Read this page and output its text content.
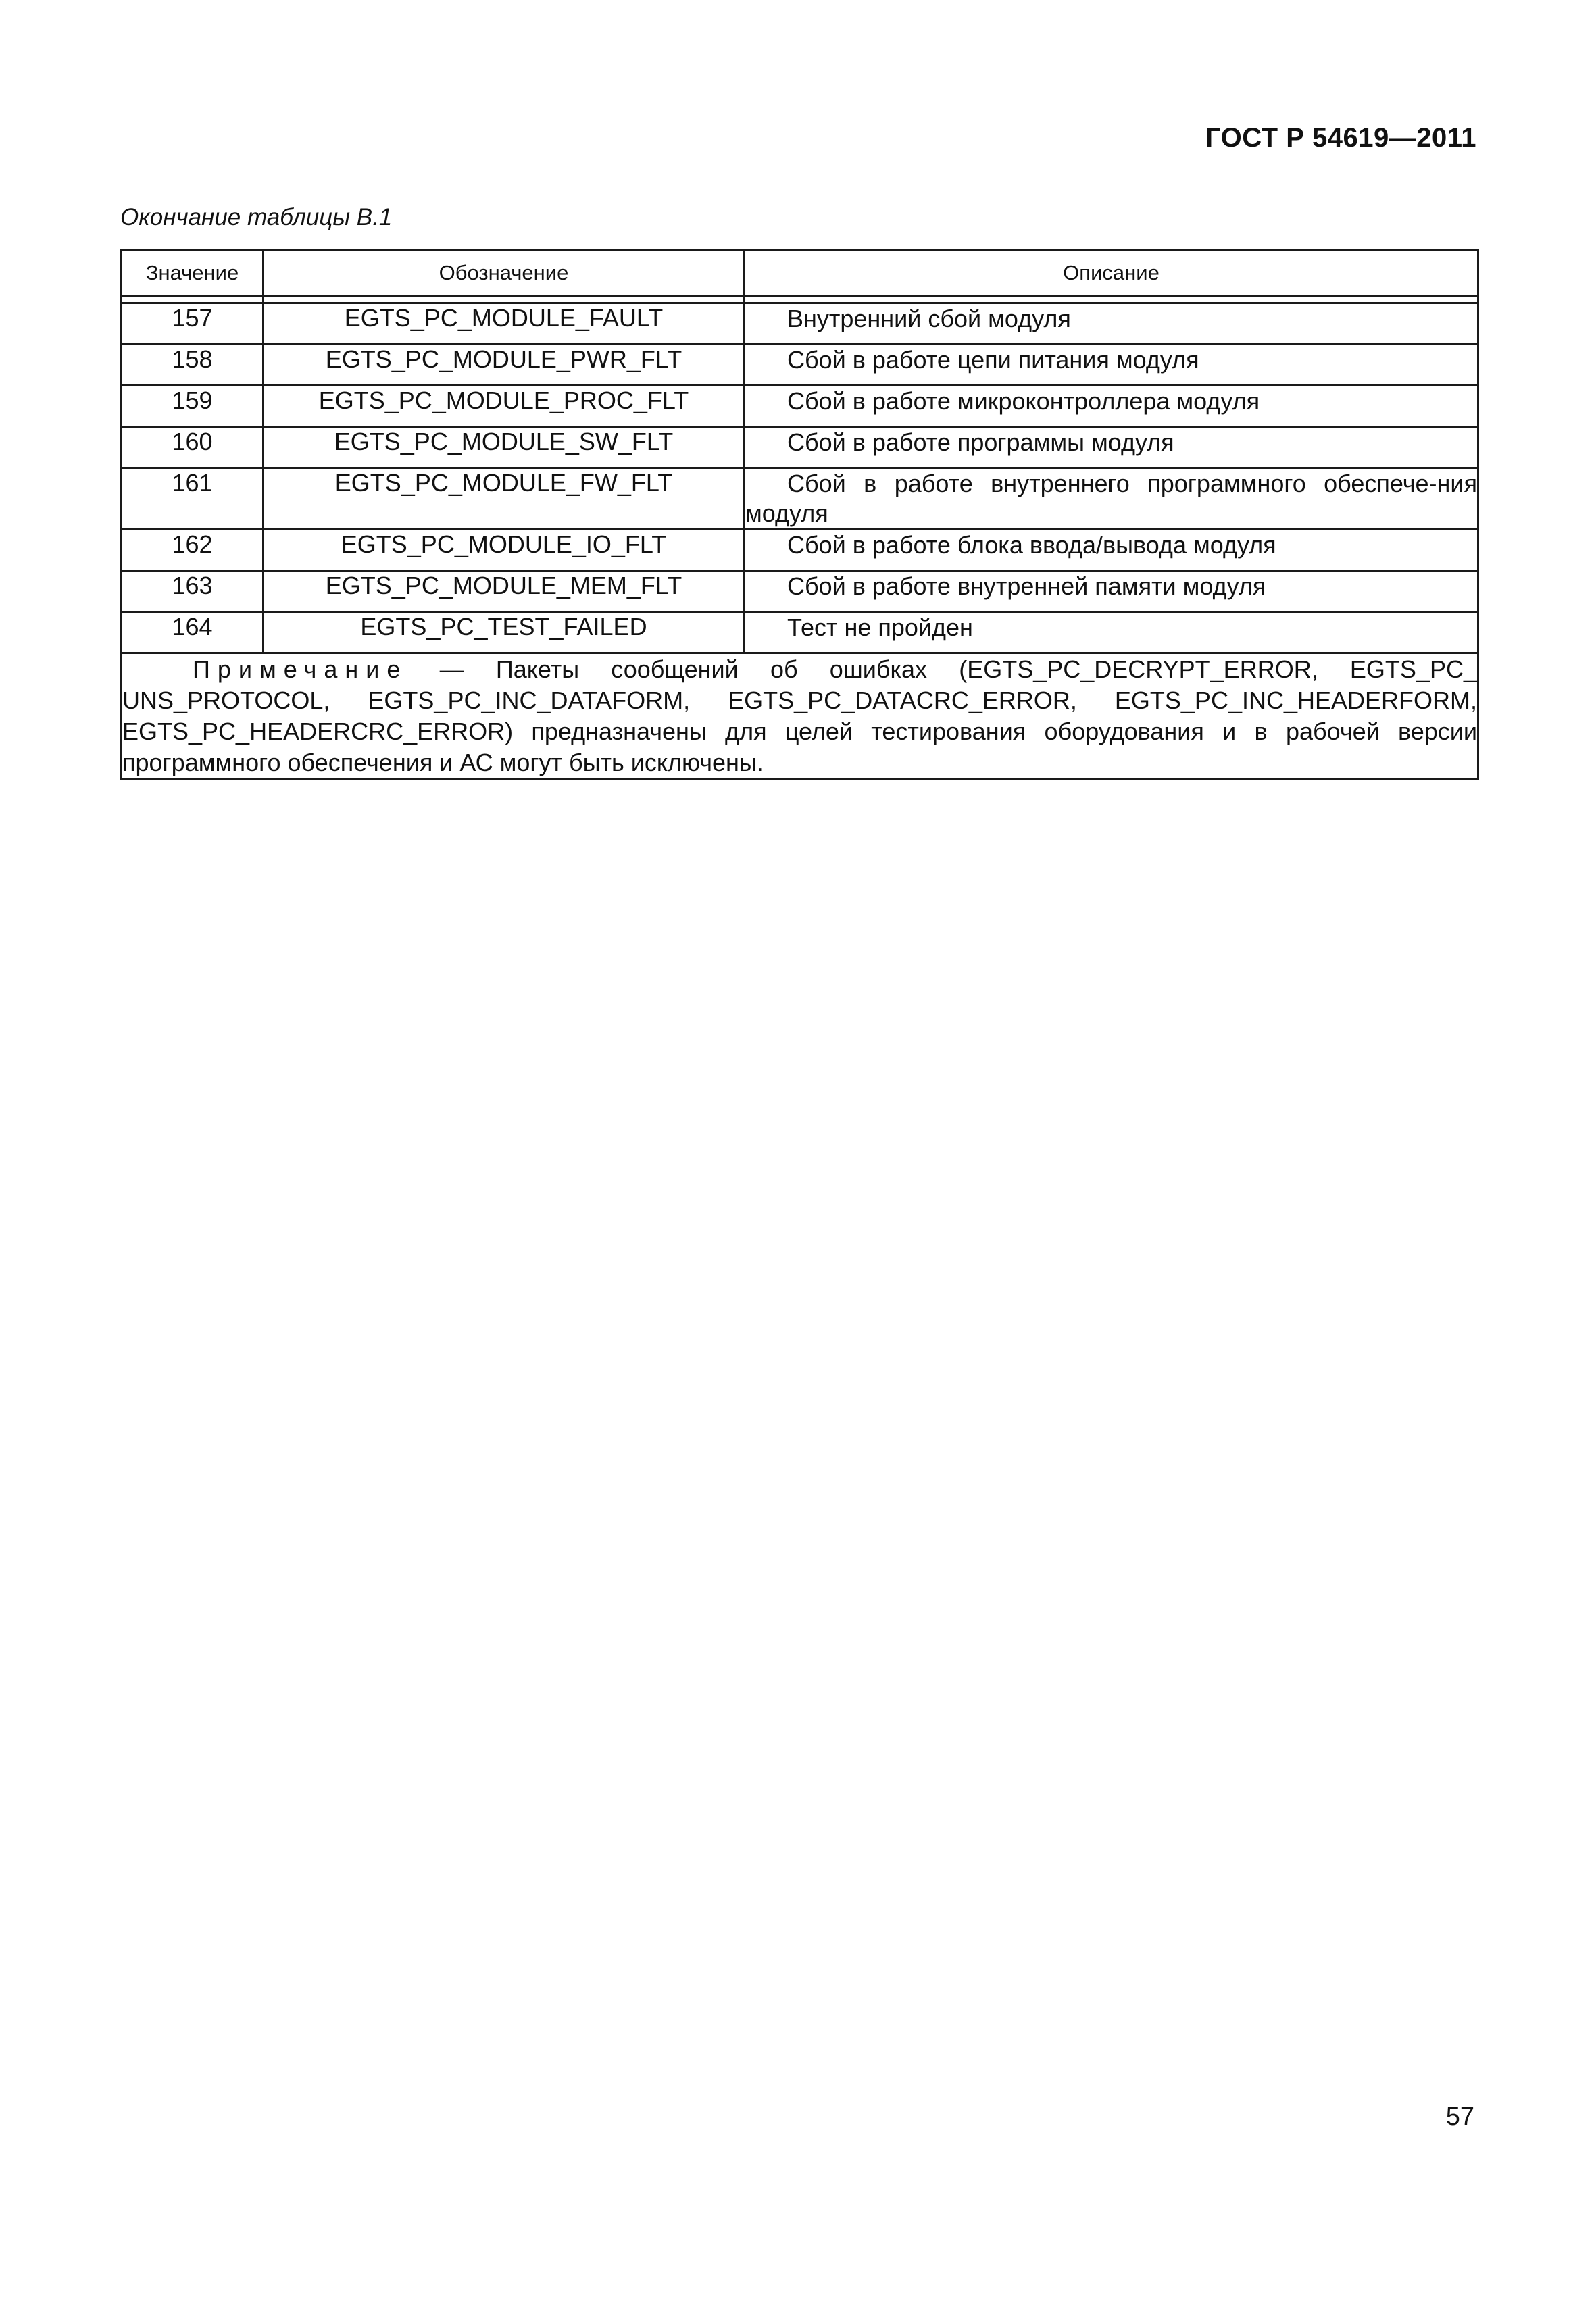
ГОСТ Р 54619—2011
Окончание таблицы В.1
Значение	Обозначение	Описание

157	EGTS_PC_MODULE_FAULT	Внутренний сбой модуля

158	EGTS_PC_MODULE_PWR_FLT	Сбой в работе цепи питания модуля

159	EGTS_PC_MODULE_PROC_FLT	Сбой в работе микроконтроллера модуля

160	EGTS_PC_MODULE_SW_FLT	Сбой в работе программы модуля

161	EGTS_PC_MODULE_FW_FLT	Сбой в работе внутреннего программного обеспече-ния модуля

162	EGTS_PC_MODULE_IO_FLT	Сбой в работе блока ввода/вывода модуля

163	EGTS_PC_MODULE_MEM_FLT	Сбой в работе внутренней памяти модуля

164	EGTS_PC_TEST_FAILED	Тест не пройден

Примечание — Пакеты сообщений об ошибках (EGTS_PC_DECRYPT_ERROR, EGTS_PC_ UNS_PROTOCOL, EGTS_PC_INC_DATAFORM, EGTS_PC_DATACRC_ERROR, EGTS_PC_INC_HEADERFORM, EGTS_PC_HEADERCRC_ERROR) предназначены для целей тестирования оборудования и в рабочей версии программного обеспечения и АС могут быть исключены.		
57
